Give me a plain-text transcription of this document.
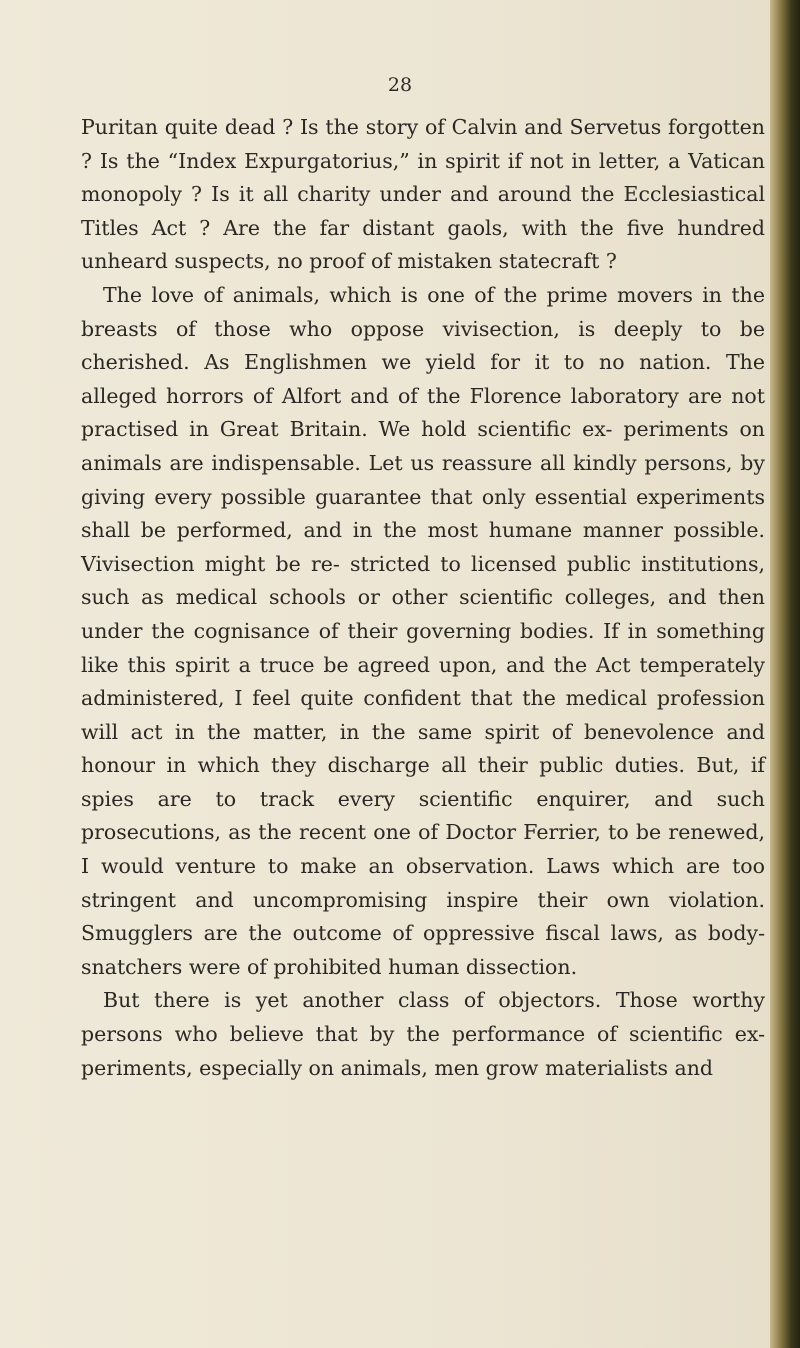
28

Puritan quite dead ? Is the story of Calvin and Servetus forgotten ? Is the “Index Expurgatorius,” in spirit if not in letter, a Vatican monopoly ? Is it all charity under and around the Ecclesiastical Titles Act ? Are the far distant gaols, with the five hundred unheard suspects, no proof of mistaken statecraft ?

The love of animals, which is one of the prime movers in the breasts of those who oppose vivisection, is deeply to be cherished. As Englishmen we yield for it to no nation. The alleged horrors of Alfort and of the Florence laboratory are not practised in Great Britain. We hold scientific ex- periments on animals are indispensable. Let us reassure all kindly persons, by giving every possible guarantee that only essential experiments shall be performed, and in the most humane manner possible. Vivisection might be re- stricted to licensed public institutions, such as medical schools or other scientific colleges, and then under the cognisance of their governing bodies. If in something like this spirit a truce be agreed upon, and the Act temperately administered, I feel quite confident that the medical profession will act in the matter, in the same spirit of benevolence and honour in which they discharge all their public duties. But, if spies are to track every scientific enquirer, and such prosecutions, as the recent one of Doctor Ferrier, to be renewed, I would venture to make an observation. Laws which are too stringent and uncompromising inspire their own violation. Smugglers are the outcome of oppressive fiscal laws, as body-snatchers were of prohibited human dissection.

But there is yet another class of objectors. Those worthy persons who believe that by the performance of scientific ex- periments, especially on animals, men grow materialists and
